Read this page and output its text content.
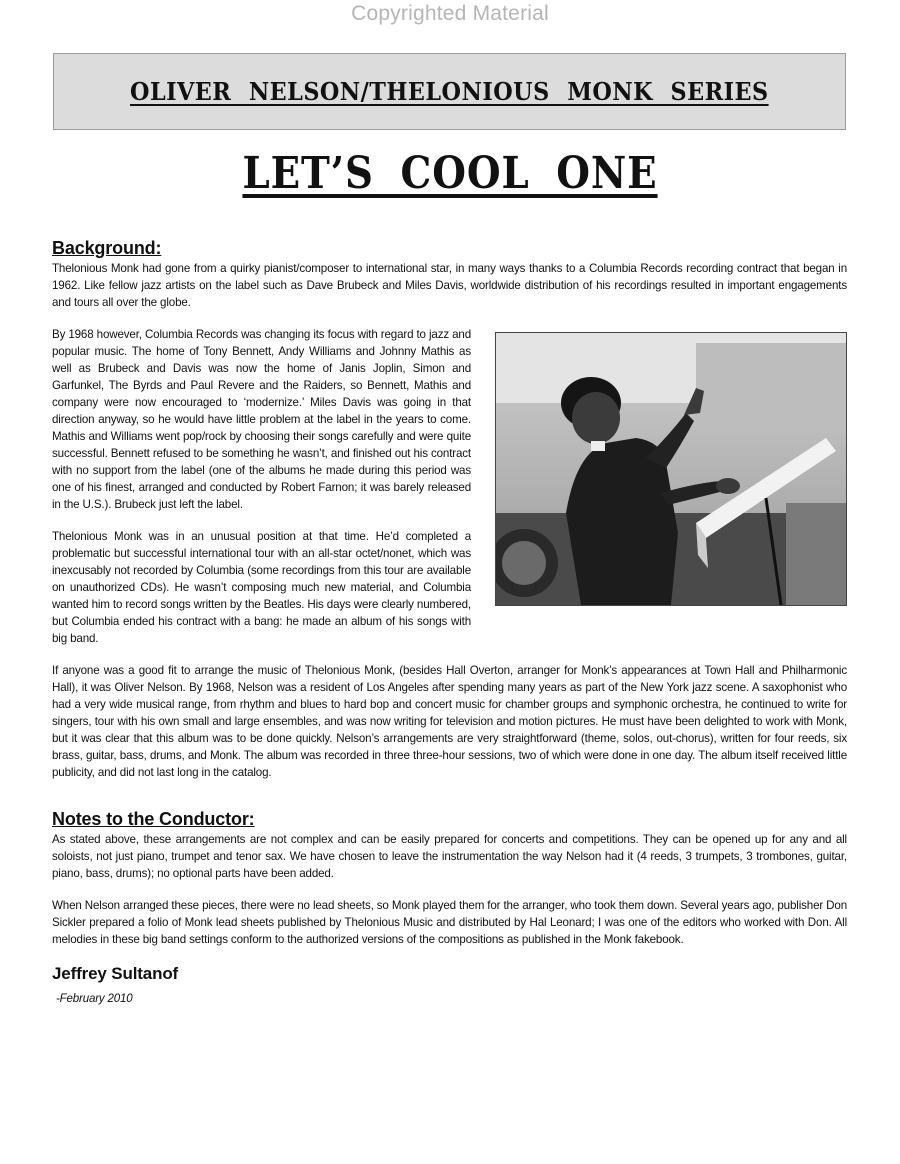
Copyrighted Material
OLIVER NELSON/THELONIOUS MONK SERIES
LET’S COOL ONE
Background:

Thelonious Monk had gone from a quirky pianist/composer to international star, in many ways thanks to a Columbia Records recording contract that began in 1962. Like fellow jazz artists on the label such as Dave Brubeck and Miles Davis, worldwide distribution of his recordings resulted in important engagements and tours all over the globe.

By 1968 however, Columbia Records was changing its focus with regard to jazz and popular music. The home of Tony Bennett, Andy Williams and Johnny Mathis as well as Brubeck and Davis was now the home of Janis Joplin, Simon and Garfunkel, The Byrds and Paul Revere and the Raiders, so Bennett, Mathis and company were now encouraged to ‘modernize.’ Miles Davis was going in that direction anyway, so he would have little problem at the label in the years to come. Mathis and Williams went pop/rock by choosing their songs carefully and were quite successful. Bennett refused to be something he wasn’t, and finished out his contract with no support from the label (one of the albums he made during this period was one of his finest, arranged and conducted by Robert Farnon; it was barely released in the U.S.). Brubeck just left the label.

Thelonious Monk was in an unusual position at that time. He’d completed a problematic but successful international tour with an all-star octet/nonet, which was inexcusably not recorded by Columbia (some recordings from this tour are available on unauthorized CDs). He wasn’t composing much new material, and Columbia wanted him to record songs written by the Beatles. His days were clearly numbered, but Columbia ended his contract with a bang: he made an album of his songs with big band.

If anyone was a good fit to arrange the music of Thelonious Monk, (besides Hall Overton, arranger for Monk’s appearances at Town Hall and Philharmonic Hall), it was Oliver Nelson. By 1968, Nelson was a resident of Los Angeles after spending many years as part of the New York jazz scene. A saxophonist who had a very wide musical range, from rhythm and blues to hard bop and concert music for chamber groups and symphonic orchestra, he continued to write for singers, tour with his own small and large ensembles, and was now writing for television and motion pictures. He must have been delighted to work with Monk, but it was clear that this album was to be done quickly. Nelson’s arrangements are very straightforward (theme, solos, out-chorus), written for four reeds, six brass, guitar, bass, drums, and Monk. The album was recorded in three three-hour sessions, two of which were done in one day. The album itself received little publicity, and did not last long in the catalog.

Notes to the Conductor:

As stated above, these arrangements are not complex and can be easily prepared for concerts and competitions. They can be opened up for any and all soloists, not just piano, trumpet and tenor sax. We have chosen to leave the instrumentation the way Nelson had it (4 reeds, 3 trumpets, 3 trombones, guitar, piano, bass, drums); no optional parts have been added.

When Nelson arranged these pieces, there were no lead sheets, so Monk played them for the arranger, who took them down. Several years ago, publisher Don Sickler prepared a folio of Monk lead sheets published by Thelonious Music and distributed by Hal Leonard; I was one of the editors who worked with Don. All melodies in these big band settings conform to the authorized versions of the compositions as published in the Monk fakebook.

Jeffrey Sultanof
-February 2010
